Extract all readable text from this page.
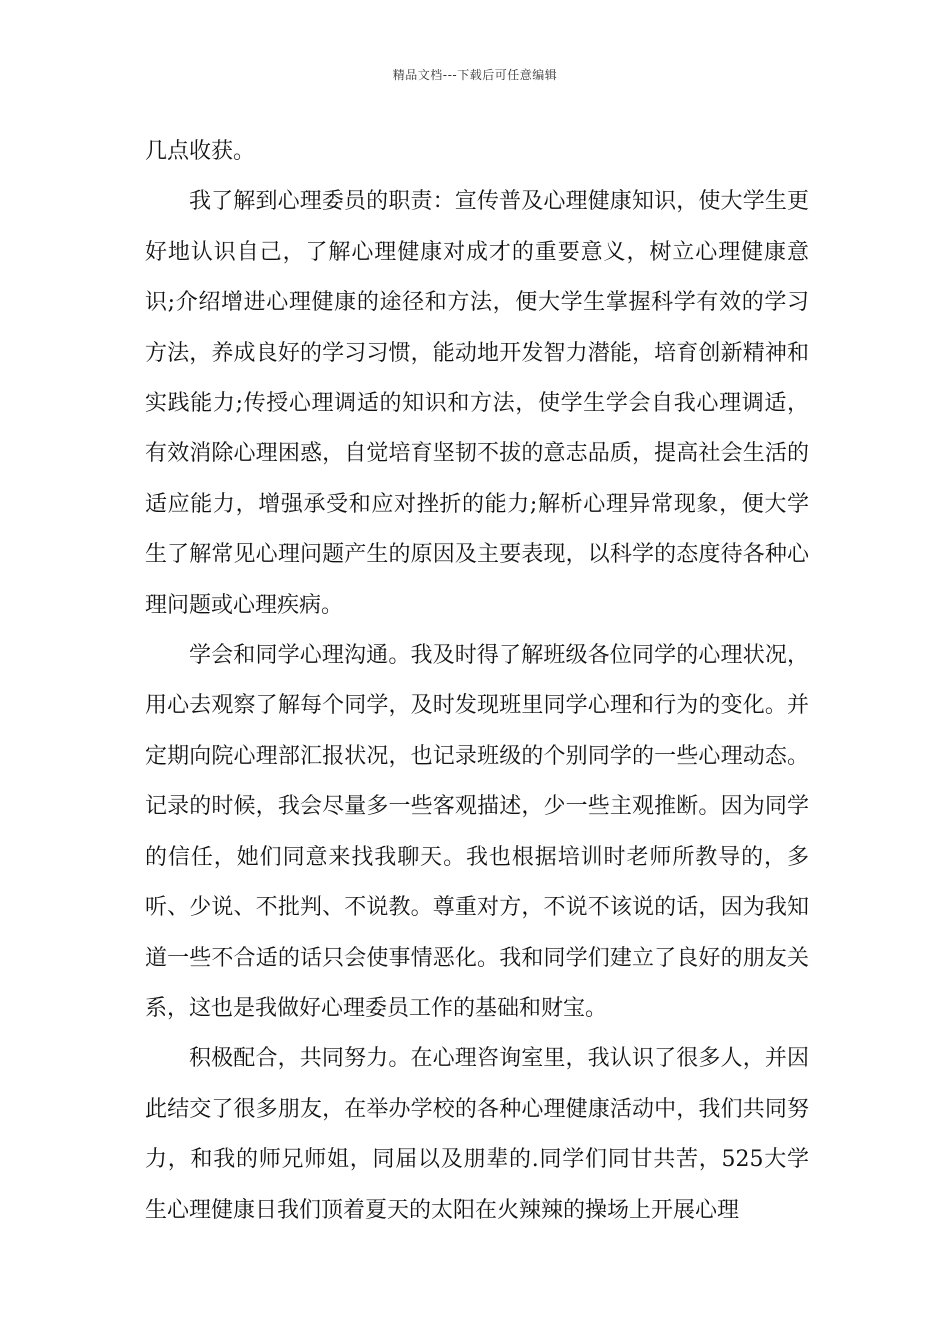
精品文档---下载后可任意编辑

几点收获。

我了解到心理委员的职责：宣传普及心理健康知识，使大学生更好地认识自己，了解心理健康对成才的重要意义，树立心理健康意识;介绍增进心理健康的途径和方法，便大学生掌握科学有效的学习方法，养成良好的学习习惯，能动地开发智力潜能，培育创新精神和实践能力;传授心理调适的知识和方法，使学生学会自我心理调适，有效消除心理困惑，自觉培育坚韧不拔的意志品质，提高社会生活的适应能力，增强承受和应对挫折的能力;解析心理异常现象，便大学生了解常见心理问题产生的原因及主要表现，以科学的态度待各种心理问题或心理疾病。

学会和同学心理沟通。我及时得了解班级各位同学的心理状况，用心去观察了解每个同学，及时发现班里同学心理和行为的变化。并定期向院心理部汇报状况，也记录班级的个别同学的一些心理动态。记录的时候，我会尽量多一些客观描述，少一些主观推断。因为同学的信任，她们同意来找我聊天。我也根据培训时老师所教导的，多听、少说、不批判、不说教。尊重对方，不说不该说的话，因为我知道一些不合适的话只会使事情恶化。我和同学们建立了良好的朋友关系，这也是我做好心理委员工作的基础和财宝。

积极配合，共同努力。在心理咨询室里，我认识了很多人，并因此结交了很多朋友，在举办学校的各种心理健康活动中，我们共同努力，和我的师兄师姐，同届以及朋辈的.同学们同甘共苦，525大学生心理健康日我们顶着夏天的太阳在火辣辣的操场上开展心理
